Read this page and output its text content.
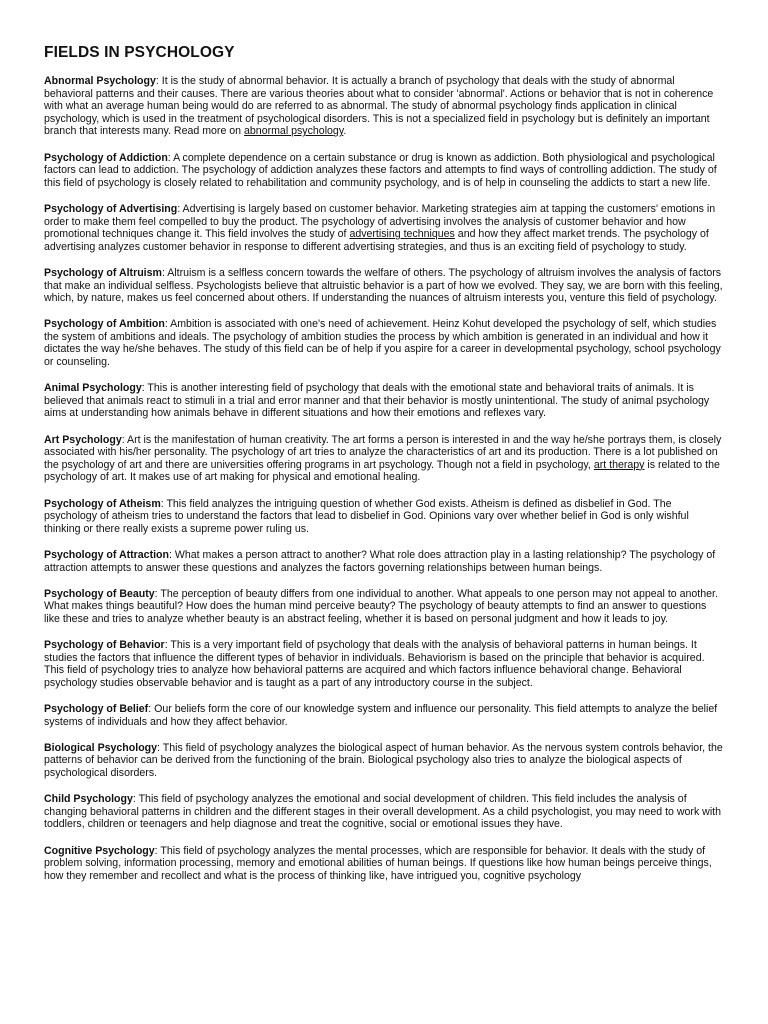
FIELDS IN PSYCHOLOGY

Abnormal Psychology: It is the study of abnormal behavior. It is actually a branch of psychology that deals with the study of abnormal behavioral patterns and their causes. There are various theories about what to consider 'abnormal'. Actions or behavior that is not in coherence with what an average human being would do are referred to as abnormal. The study of abnormal psychology finds application in clinical psychology, which is used in the treatment of psychological disorders. This is not a specialized field in psychology but is definitely an important branch that interests many. Read more on abnormal psychology.

Psychology of Addiction: A complete dependence on a certain substance or drug is known as addiction. Both physiological and psychological factors can lead to addiction. The psychology of addiction analyzes these factors and attempts to find ways of controlling addiction. The study of this field of psychology is closely related to rehabilitation and community psychology, and is of help in counseling the addicts to start a new life.

Psychology of Advertising: Advertising is largely based on customer behavior. Marketing strategies aim at tapping the customers' emotions in order to make them feel compelled to buy the product. The psychology of advertising involves the analysis of customer behavior and how promotional techniques change it. This field involves the study of advertising techniques and how they affect market trends. The psychology of advertising analyzes customer behavior in response to different advertising strategies, and thus is an exciting field of psychology to study.

Psychology of Altruism: Altruism is a selfless concern towards the welfare of others. The psychology of altruism involves the analysis of factors that make an individual selfless. Psychologists believe that altruistic behavior is a part of how we evolved. They say, we are born with this feeling, which, by nature, makes us feel concerned about others. If understanding the nuances of altruism interests you, venture this field of psychology.

Psychology of Ambition: Ambition is associated with one's need of achievement. Heinz Kohut developed the psychology of self, which studies the system of ambitions and ideals. The psychology of ambition studies the process by which ambition is generated in an individual and how it dictates the way he/she behaves. The study of this field can be of help if you aspire for a career in developmental psychology, school psychology or counseling.

Animal Psychology: This is another interesting field of psychology that deals with the emotional state and behavioral traits of animals. It is believed that animals react to stimuli in a trial and error manner and that their behavior is mostly unintentional. The study of animal psychology aims at understanding how animals behave in different situations and how their emotions and reflexes vary.

Art Psychology: Art is the manifestation of human creativity. The art forms a person is interested in and the way he/she portrays them, is closely associated with his/her personality. The psychology of art tries to analyze the characteristics of art and its production. There is a lot published on the psychology of art and there are universities offering programs in art psychology. Though not a field in psychology, art therapy is related to the psychology of art. It makes use of art making for physical and emotional healing.

Psychology of Atheism: This field analyzes the intriguing question of whether God exists. Atheism is defined as disbelief in God. The psychology of atheism tries to understand the factors that lead to disbelief in God. Opinions vary over whether belief in God is only wishful thinking or there really exists a supreme power ruling us.

Psychology of Attraction: What makes a person attract to another? What role does attraction play in a lasting relationship? The psychology of attraction attempts to answer these questions and analyzes the factors governing relationships between human beings.

Psychology of Beauty: The perception of beauty differs from one individual to another. What appeals to one person may not appeal to another. What makes things beautiful? How does the human mind perceive beauty? The psychology of beauty attempts to find an answer to questions like these and tries to analyze whether beauty is an abstract feeling, whether it is based on personal judgment and how it leads to joy.

Psychology of Behavior: This is a very important field of psychology that deals with the analysis of behavioral patterns in human beings. It studies the factors that influence the different types of behavior in individuals. Behaviorism is based on the principle that behavior is acquired. This field of psychology tries to analyze how behavioral patterns are acquired and which factors influence behavioral change. Behavioral psychology studies observable behavior and is taught as a part of any introductory course in the subject.

Psychology of Belief: Our beliefs form the core of our knowledge system and influence our personality. This field attempts to analyze the belief systems of individuals and how they affect behavior.

Biological Psychology: This field of psychology analyzes the biological aspect of human behavior. As the nervous system controls behavior, the patterns of behavior can be derived from the functioning of the brain. Biological psychology also tries to analyze the biological aspects of psychological disorders.

Child Psychology: This field of psychology analyzes the emotional and social development of children. This field includes the analysis of changing behavioral patterns in children and the different stages in their overall development. As a child psychologist, you may need to work with toddlers, children or teenagers and help diagnose and treat the cognitive, social or emotional issues they have.

Cognitive Psychology: This field of psychology analyzes the mental processes, which are responsible for behavior. It deals with the study of problem solving, information processing, memory and emotional abilities of human beings. If questions like how human beings perceive things, how they remember and recollect and what is the process of thinking like, have intrigued you, cognitive psychology
